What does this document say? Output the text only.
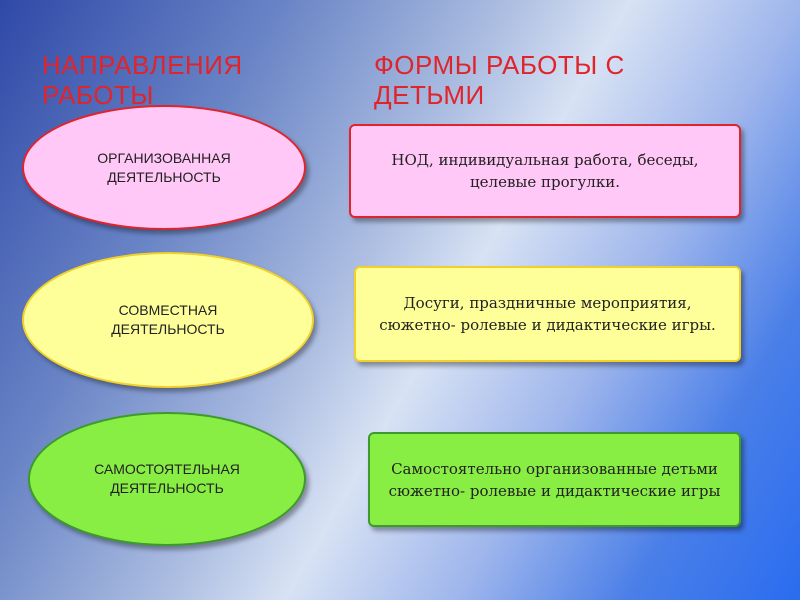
НАПРАВЛЕНИЯ РАБОТЫ
ФОРМЫ РАБОТЫ С ДЕТЬМИ
ОРГАНИЗОВАННАЯ ДЕЯТЕЛЬНОСТЬ
СОВМЕСТНАЯ ДЕЯТЕЛЬНОСТЬ
САМОСТОЯТЕЛЬНАЯ ДЕЯТЕЛЬНОСТЬ
НОД, индивидуальная работа, беседы, целевые прогулки.
Досуги, праздничные мероприятия, сюжетно- ролевые и дидактические игры.
Самостоятельно организованные детьми сюжетно- ролевые и дидактические игры
